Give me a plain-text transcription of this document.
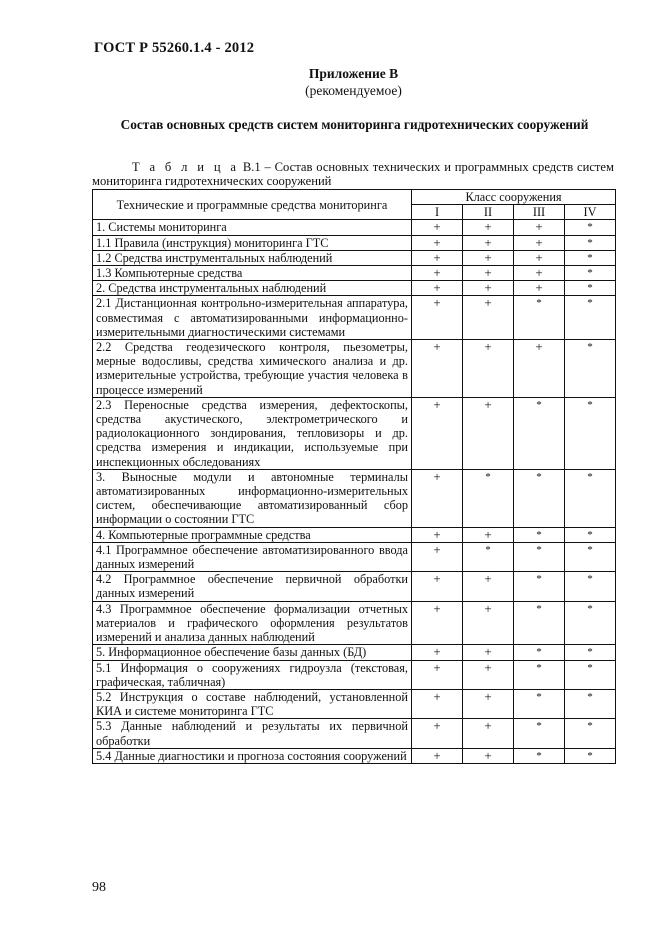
ГОСТ Р 55260.1.4 - 2012
Приложение В
(рекомендуемое)
Состав основных средств систем мониторинга гидротехнических сооружений
Т а б л и ц а В.1 – Состав основных технических и программных средств систем
мониторинга гидротехнических сооружений
Технические и программные средства мониторинга	Класс сооружения			
	I	II	III	IV
1. Системы мониторинга	+	+	+	*
1.1 Правила (инструкция) мониторинга ГТС	+	+	+	*
1.2 Средства инструментальных наблюдений	+	+	+	*
1.3 Компьютерные средства	+	+	+	*
2. Средства инструментальных наблюдений	+	+	+	*
2.1 Дистанционная контрольно-измерительная аппаратура, совместимая с автоматизированными информационно-измерительными диагностическими системами	+	+	*	*
2.2 Средства геодезического контроля, пьезометры, мерные водосливы, средства химического анализа и др. измерительные устройства, требующие участия человека в процессе измерений	+	+	+	*
2.3 Переносные средства измерения, дефектоскопы, средства акустического, электрометрического и радиолокационного зондирования, тепловизоры и др. средства измерения и индикации, используемые при инспекционных обследованиях	+	+	*	*
3. Выносные модули и автономные терминалы автоматизированных информационно-измерительных систем, обеспечивающие автоматизированный сбор информации о состоянии ГТС	+	*	*	*
4. Компьютерные программные средства	+	+	*	*
4.1 Программное обеспечение автоматизированного ввода данных измерений	+	*	*	*
4.2 Программное обеспечение первичной обработки данных измерений	+	+	*	*
4.3 Программное обеспечение формализации отчетных материалов и графического оформления результатов измерений и анализа данных наблюдений	+	+	*	*
5. Информационное обеспечение базы данных (БД)	+	+	*	*
5.1 Информация о сооружениях гидроузла (текстовая, графическая, табличная)	+	+	*	*
5.2 Инструкция о составе наблюдений, установленной КИА и системе мониторинга ГТС	+	+	*	*
5.3 Данные наблюдений и результаты их первичной обработки	+	+	*	*
5.4 Данные диагностики и прогноза состояния сооружений	+	+	*	*
98
